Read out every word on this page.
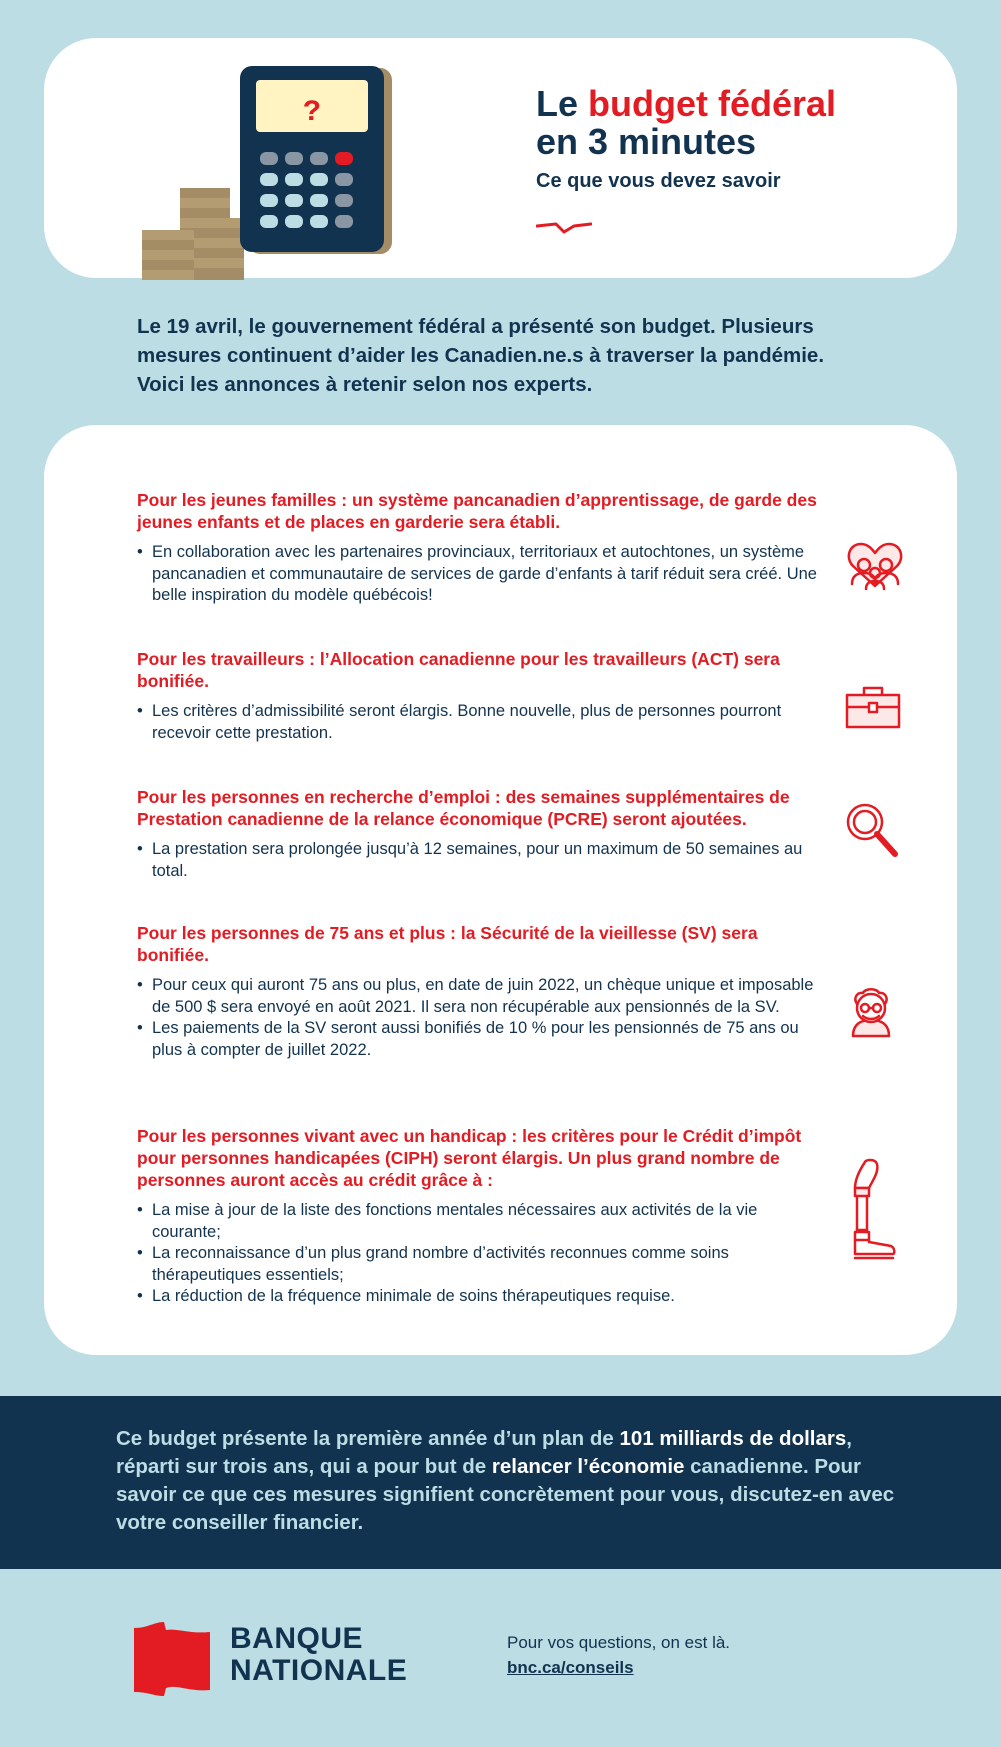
?	Le budget fédéral
en 3 minutes

Ce que vous devez savoir

Le 19 avril, le gouvernement fédéral a présenté son budget. Plusieurs mesures continuent d’aider les Canadien.ne.s à traverser la pandémie. Voici les annonces à retenir selon nos experts.

Pour les jeunes familles : un système pancanadien d’apprentissage, de garde des jeunes enfants et de places en garderie sera établi.

• En collaboration avec les partenaires provinciaux, territoriaux et autochtones, un système pancanadien et communautaire de services de garde d’enfants à tarif réduit sera créé. Une belle inspiration du modèle québécois!

Pour les travailleurs : l’Allocation canadienne pour les travailleurs (ACT) sera bonifiée.

• Les critères d’admissibilité seront élargis. Bonne nouvelle, plus de personnes pourront recevoir cette prestation.

Pour les personnes en recherche d’emploi : des semaines supplémentaires de Prestation canadienne de la relance économique (PCRE) seront ajoutées.

• La prestation sera prolongée jusqu’à 12 semaines, pour un maximum de 50 semaines au total.

Pour les personnes de 75 ans et plus : la Sécurité de la vieillesse (SV) sera bonifiée.

• Pour ceux qui auront 75 ans ou plus, en date de juin 2022, un chèque unique et imposable de 500 $ sera envoyé en août 2021. Il sera non récupérable aux pensionnés de la SV.
• Les paiements de la SV seront aussi bonifiés de 10 % pour les pensionnés de 75 ans ou plus à compter de juillet 2022.

Pour les personnes vivant avec un handicap : les critères pour le Crédit d’impôt pour personnes handicapées (CIPH) seront élargis. Un plus grand nombre de personnes auront accès au crédit grâce à :

• La mise à jour de la liste des fonctions mentales nécessaires aux activités de la vie courante;
• La reconnaissance d’un plus grand nombre d’activités reconnues comme soins thérapeutiques essentiels;
• La réduction de la fréquence minimale de soins thérapeutiques requise.

Ce budget présente la première année d’un plan de 101 milliards de dollars, réparti sur trois ans, qui a pour but de relancer l’économie canadienne. Pour savoir ce que ces mesures signifient concrètement pour vous, discutez-en avec votre conseiller financier.

BANQUE
NATIONALE

Pour vos questions, on est là.

bnc.ca/conseils
